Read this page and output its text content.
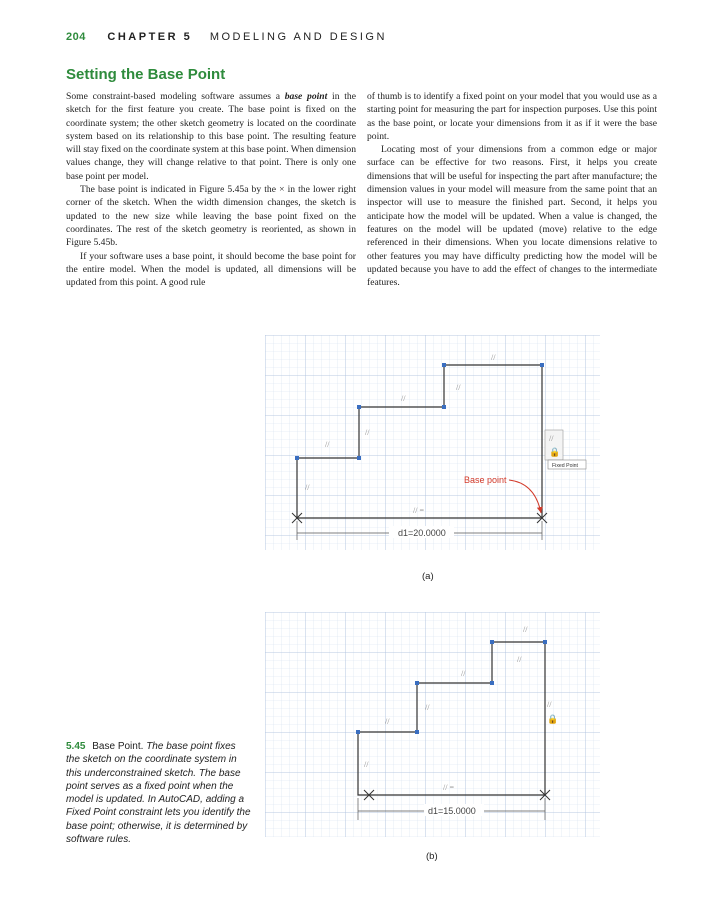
204 CHAPTER 5 MODELING AND DESIGN
Setting the Base Point

Some constraint-based modeling software assumes a base point in the sketch for the first feature you create. The base point is fixed on the coordinate system; the other sketch geometry is located on the coordinate system based on its relationship to this base point. The resulting feature will stay fixed on the coordinate system at this base point. When dimension values change, they will change relative to that point. There is only one base point per model.

The base point is indicated in Figure 5.45a by the × in the lower right corner of the sketch. When the width dimension changes, the sketch is updated to the new size while leaving the base point fixed on the coordinates. The rest of the sketch geometry is reoriented, as shown in Figure 5.45b.

If your software uses a base point, it should become the base point for the entire model. When the model is updated, all dimensions will be updated from this point. A good rule

of thumb is to identify a fixed point on your model that you would use as a starting point for measuring the part for inspection purposes. Use this point as the base point, or locate your dimensions from it as if it were the base point.

Locating most of your dimensions from a common edge or major surface can be effective for two reasons. First, it helps you create dimensions that will be useful for inspecting the part after manufacture; the dimension values in your model will measure from the same point that an inspector will use to measure the finished part. Second, it helps you anticipate how the model will be updated. When a value is changed, the features on the model will be updated (move) relative to the edge referenced in their dimensions. When you locate dimensions relative to other features you may have difficulty predicting how the model will be updated because you have to add the effect of changes to the intermediate features.

d1=20.0000
//
//
//
//
//
//
// =
//
🔒
Fixed Point
Base point
(a)
d1=15.0000
//
//
//
//
//
//
// =
//
🔒
(b)
5.45 Base Point. The base point fixes the sketch on the coordinate system in this underconstrained sketch. The base point serves as a fixed point when the model is updated. In AutoCAD, adding a Fixed Point constraint lets you identify the base point; otherwise, it is determined by software rules.
